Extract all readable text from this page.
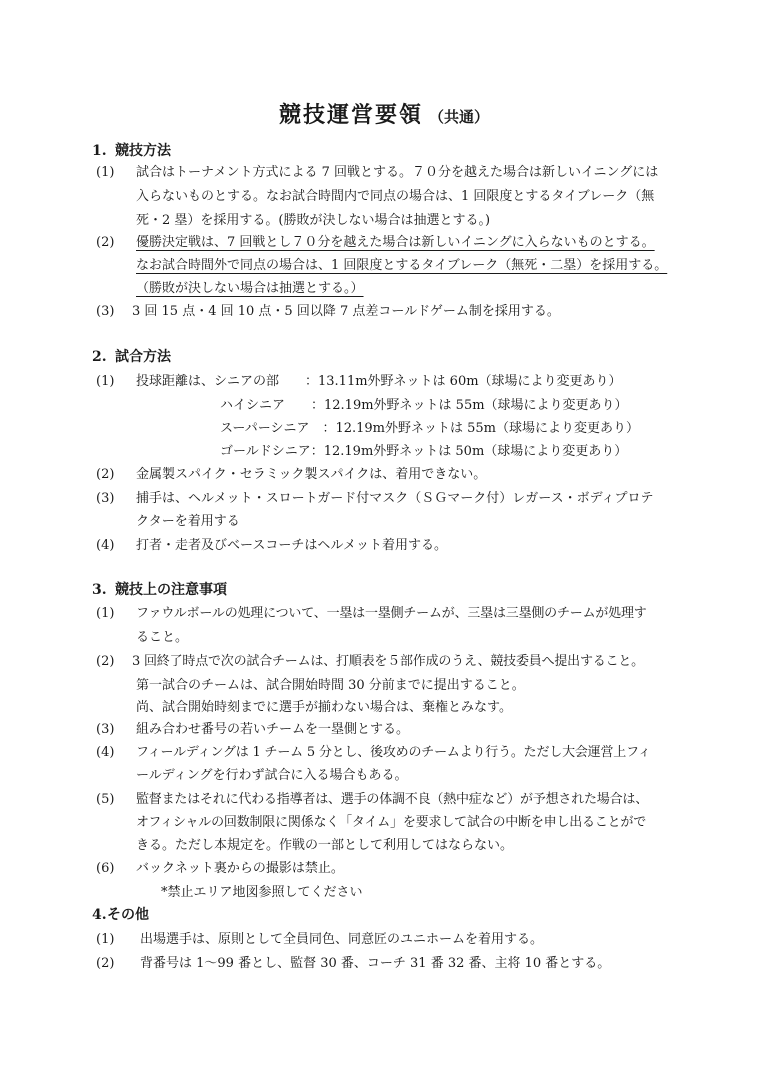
競技運営要領 （共通）
1. 競技方法
(1) 試合はトーナメント方式による 7 回戦とする。７０分を越えた場合は新しいイニングには
入らないものとする。なお試合時間内で同点の場合は、1 回限度とするタイブレーク（無
死・2 塁）を採用する。(勝敗が決しない場合は抽選とする。)
(2) 優勝決定戦は、7 回戦とし７０分を越えた場合は新しいイニングに入らないものとする。
なお試合時間外で同点の場合は、1 回限度とするタイブレーク（無死・二塁）を採用する。
（勝敗が決しない場合は抽選とする。）
(3) 3 回 15 点・4 回 10 点・5 回以降 7 点差コールドゲーム制を採用する。
2. 試合方法
(1) 投球距離は、シニアの部　　：13.11m外野ネットは 60m（球場により変更あり）
ハイシニア　　：12.19m外野ネットは 55m（球場により変更あり）
スーパーシニア　：12.19m外野ネットは 55m（球場により変更あり）
ゴールドシニア：12.19m外野ネットは 50m（球場により変更あり）
(2) 金属製スパイク・セラミック製スパイクは、着用できない。
(3) 捕手は、ヘルメット・スロートガード付マスク（ＳＧマーク付）レガース・ボディプロテ
クターを着用する
(4) 打者・走者及びベースコーチはヘルメット着用する。
3. 競技上の注意事項
(1) ファウルボールの処理について、一塁は一塁側チームが、三塁は三塁側のチームが処理す
ること。
(2) 3 回終了時点で次の試合チームは、打順表を５部作成のうえ、競技委員へ提出すること。
第一試合のチームは、試合開始時間 30 分前までに提出すること。
尚、試合開始時刻までに選手が揃わない場合は、棄権とみなす。
(3) 組み合わせ番号の若いチームを一塁側とする。
(4) フィールディングは 1 チーム 5 分とし、後攻めのチームより行う。ただし大会運営上フィ
ールディングを行わず試合に入る場合もある。
(5) 監督またはそれに代わる指導者は、選手の体調不良（熱中症など）が予想された場合は、
オフィシャルの回数制限に関係なく「タイム」を要求して試合の中断を申し出ることがで
きる。ただし本規定を。作戦の一部として利用してはならない。
(6) バックネット裏からの撮影は禁止。
*禁止エリア地図参照してください
4.その他
(1) 出場選手は、原則として全員同色、同意匠のユニホームを着用する。
(2) 背番号は 1～99 番とし、監督 30 番、コーチ 31 番 32 番、主将 10 番とする。
